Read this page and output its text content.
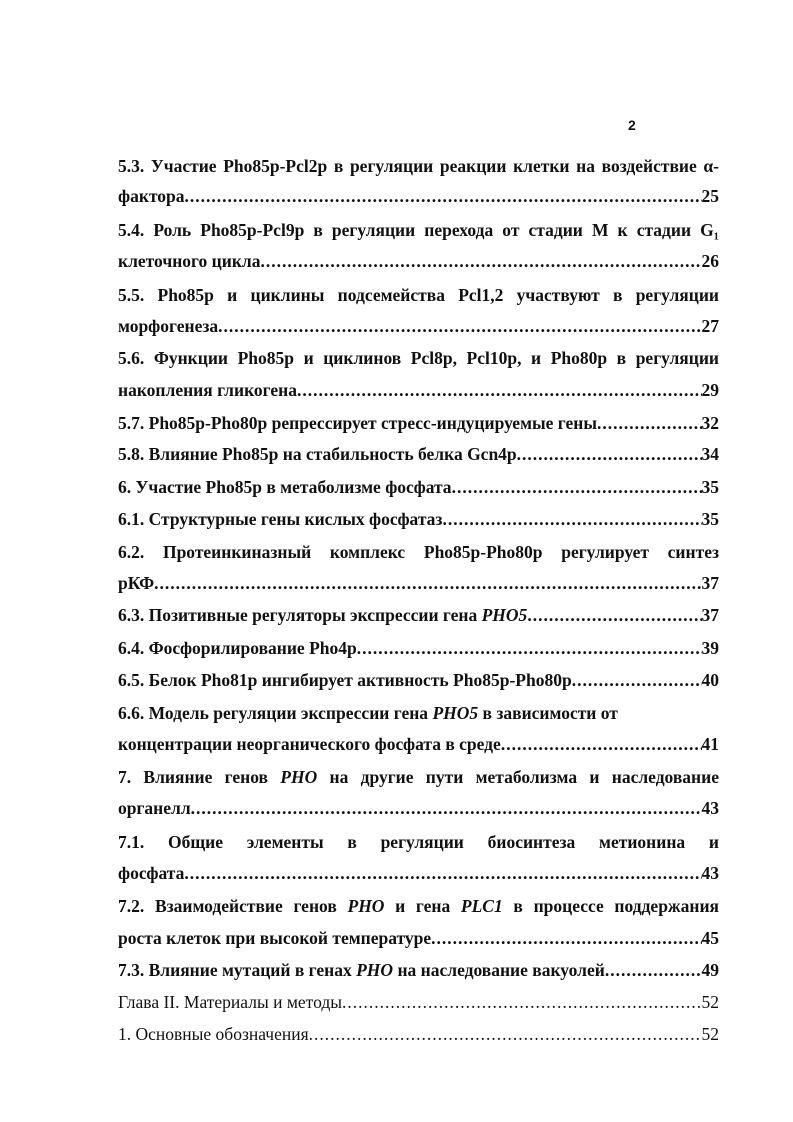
2
5.3. Участие Pho85p-Pcl2p в регуляции реакции клетки на воздействие α-
фактора .....	25
5.4. Роль Pho85p-Pcl9p в регуляции перехода от стадии М к стадии G₁
клеточного цикла .....	26
5.5. Pho85p и циклины подсемейства Pcl1,2 участвуют в регуляции
морфогенеза .....	27
5.6. Функции Pho85p и циклинов Pcl8p, Pcl10p, и Pho80p в регуляции
накопления гликогена .....	29
5.7. Pho85p-Pho80p репрессирует стресс-индуцируемые гены .....	32
5.8. Влияние Pho85p на стабильность белка Gcn4p .....	34
6. Участие Pho85p в метаболизме фосфата .....	35
6.1. Структурные гены кислых фосфатаз .....	35
6.2. Протеинкиназный комплекс Pho85p-Pho80p регулирует синтез
рКФ .....	37
6.3. Позитивные регуляторы экспрессии гена PHO5 .....	37
6.4. Фосфорилирование Pho4p .....	39
6.5. Белок Pho81p ингибирует активность Pho85p-Pho80p .....	40
6.6. Модель регуляции экспрессии гена PHO5 в зависимости от
концентрации неорганического фосфата в среде .....	41
7. Влияние генов PHO на другие пути метаболизма и наследование
органелл .....	43
7.1. Общие элементы в регуляции биосинтеза метионина и
фосфата .....	43
7.2. Взаимодействие генов PHO и гена PLC1 в процессе поддержания
роста клеток при высокой температуре .....	45
7.3. Влияние мутаций в генах PHO на наследование вакуолей .....	49
Глава II. Материалы и методы .....	52
1. Основные обозначения .....	52
